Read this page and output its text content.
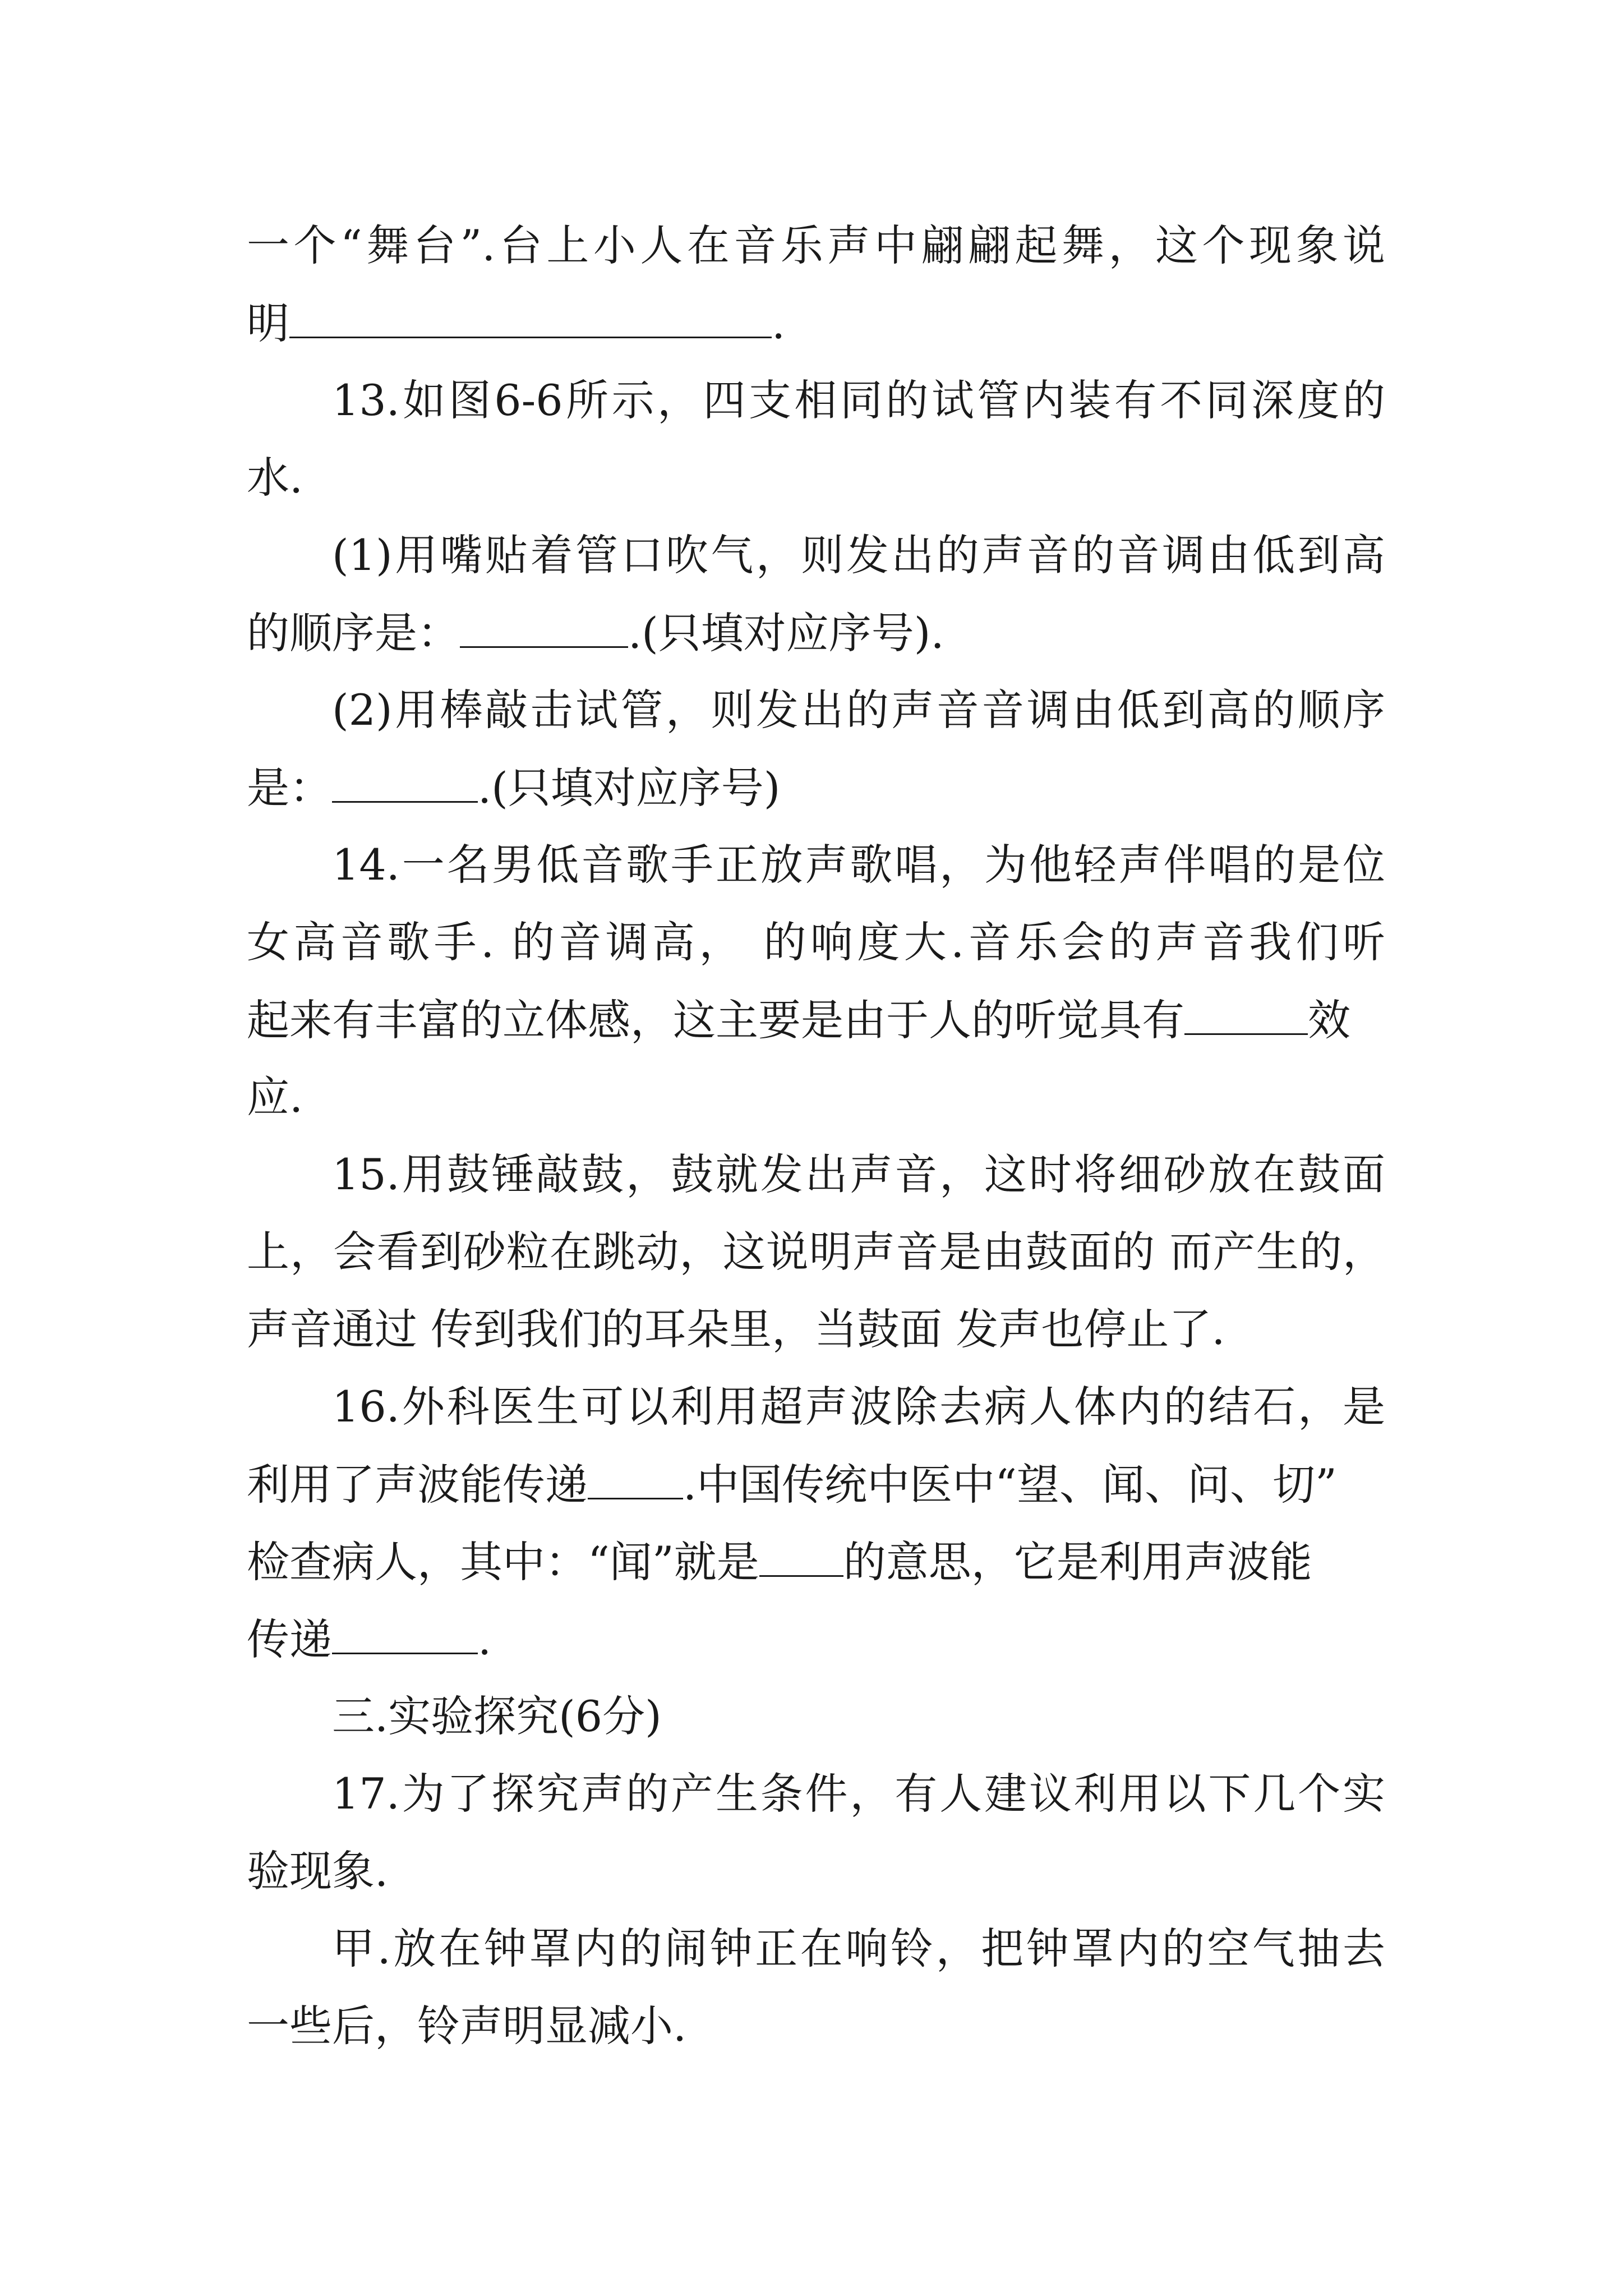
一个“舞台”.台上小人在音乐声中翩翩起舞，这个现象说
明	.
13.如图6-6所示，四支相同的试管内装有不同深度的
水.
(1)用嘴贴着管口吹气，则发出的声音的音调由低到高
的顺序是：	.(只填对应序号).
(2)用棒敲击试管，则发出的声音音调由低到高的顺序
是：	.(只填对应序号)
14.一名男低音歌手正放声歌唱，为他轻声伴唱的是位
女高音歌手. 的音调高， 的响度大.音乐会的声音我们听
起来有丰富的立体感，这主要是由于人的听觉具有	效
应.
15.用鼓锤敲鼓，鼓就发出声音，这时将细砂放在鼓面
上，会看到砂粒在跳动，这说明声音是由鼓面的 而产生的，
声音通过 传到我们的耳朵里，当鼓面 发声也停止了.
16.外科医生可以利用超声波除去病人体内的结石，是
利用了声波能传递 .中国传统中医中“望、闻、问、切”
检查病人，其中：“闻”就是 的意思，它是利用声波能
传递	.
三.实验探究(6分)
17.为了探究声的产生条件，有人建议利用以下几个实
验现象.
甲.放在钟罩内的闹钟正在响铃，把钟罩内的空气抽去
一些后，铃声明显减小.
